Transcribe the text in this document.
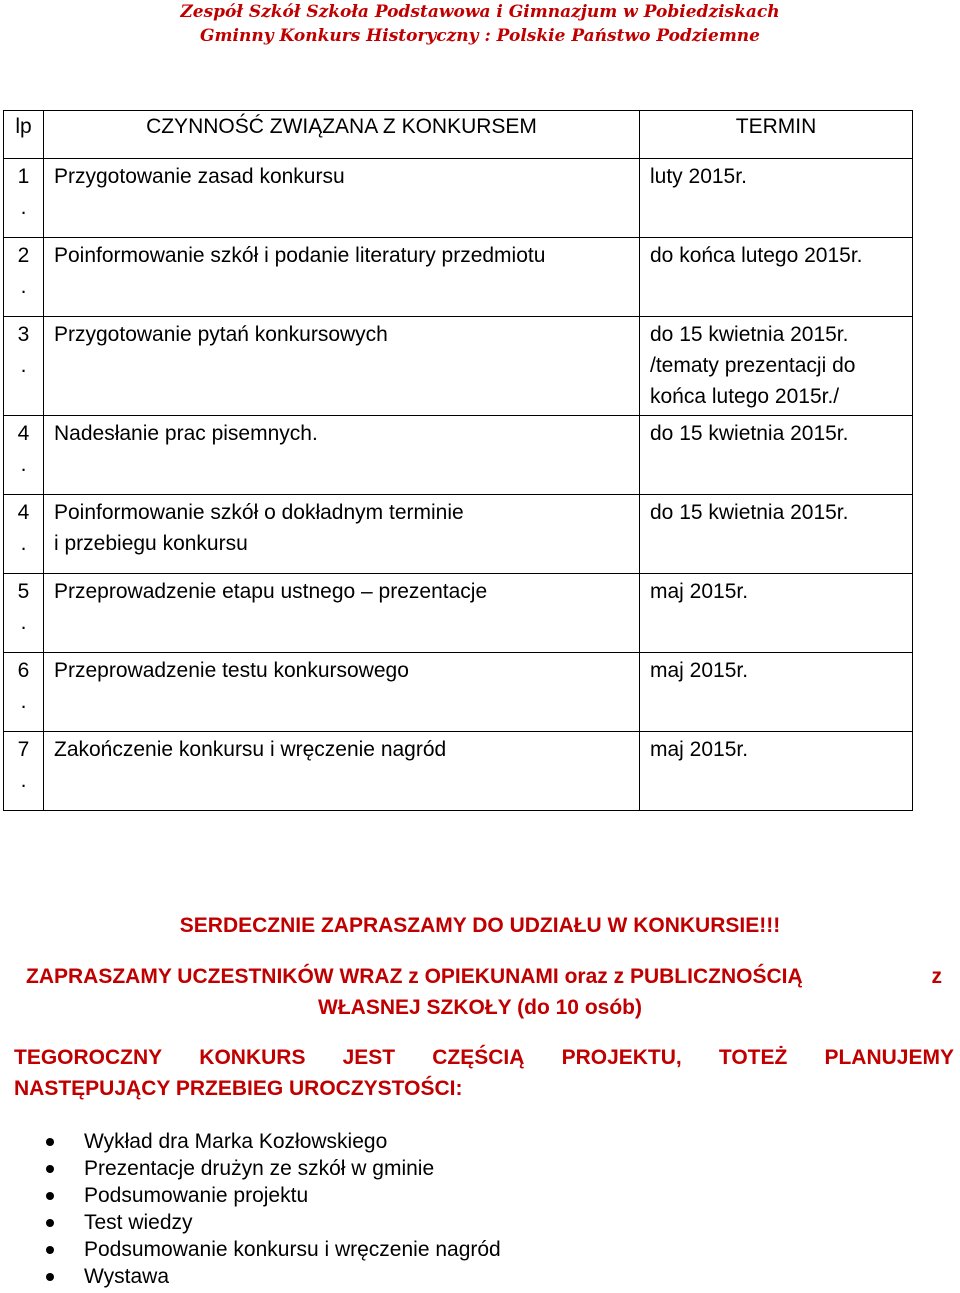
Zespół Szkół Szkoła Podstawowa i Gimnazjum w Pobiedziskach
Gminny Konkurs Historyczny : Polskie Państwo Podziemne
lp	CZYNNOŚĆ ZWIĄZANA Z KONKURSEM	TERMIN

1
.	Przygotowanie zasad konkursu	luty 2015r.

2
.	Poinformowanie szkół i podanie literatury przedmiotu	do końca lutego 2015r.

3
.	Przygotowanie pytań konkursowych	do 15 kwietnia 2015r.
/tematy prezentacji do
końca lutego 2015r./

4
.	Nadesłanie prac pisemnych.	do 15 kwietnia 2015r.

4
.	Poinformowanie szkół o dokładnym terminie
i przebiegu konkursu	do 15 kwietnia 2015r.

5
.	Przeprowadzenie etapu ustnego – prezentacje	maj 2015r.

6
.	Przeprowadzenie testu konkursowego	maj 2015r.

7
.	Zakończenie konkursu i wręczenie nagród	maj 2015r.
SERDECZNIE ZAPRASZAMY DO UDZIAŁU W KONKURSIE!!!
ZAPRASZAMY UCZESTNIKÓW WRAZ z OPIEKUNAMI oraz z PUBLICZNOŚCIĄ	z
WŁASNEJ SZKOŁY (do 10 osób)
TEGOROCZNY KONKURS JEST CZĘŚCIĄ PROJEKTU, TOTEŻ PLANUJEMY
NASTĘPUJĄCY PRZEBIEG UROCZYSTOŚCI:
Wykład dra Marka Kozłowskiego
Prezentacje drużyn ze szkół w gminie
Podsumowanie projektu
Test wiedzy
Podsumowanie konkursu i wręczenie nagród
Wystawa
